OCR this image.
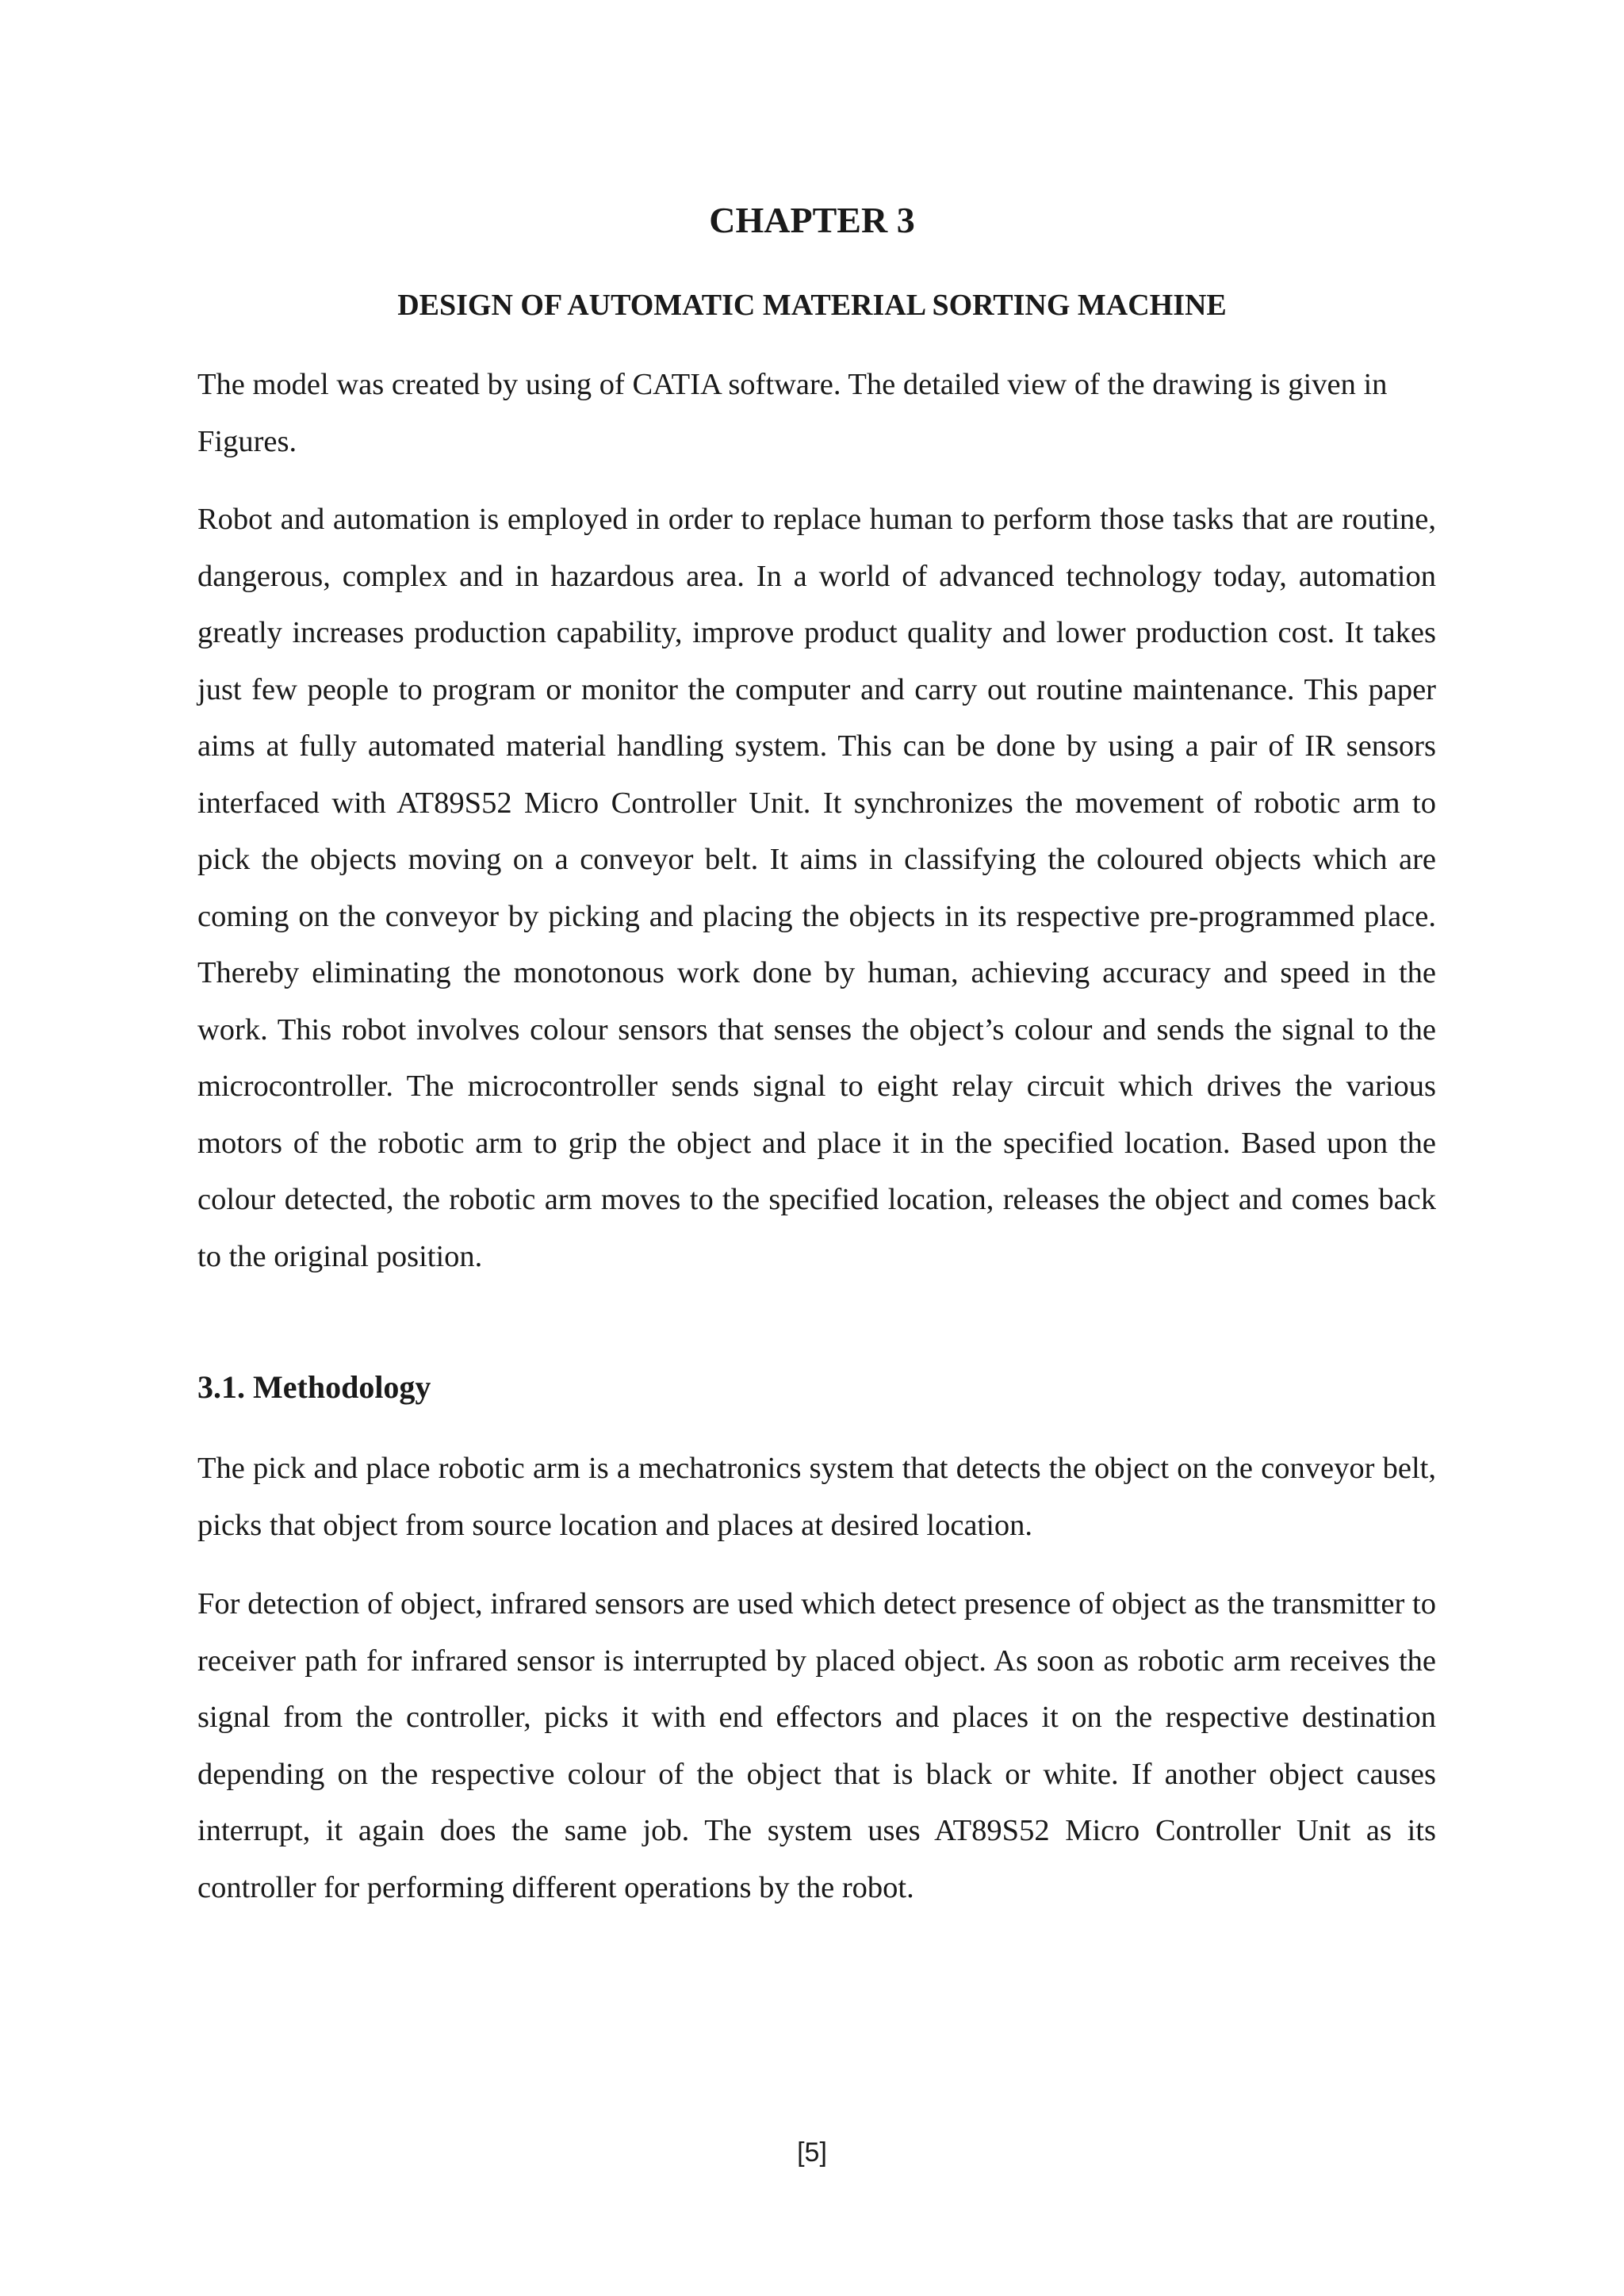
CHAPTER 3
DESIGN OF AUTOMATIC MATERIAL SORTING MACHINE

The model was created by using of CATIA software. The detailed view of the drawing is given in Figures.

Robot and automation is employed in order to replace human to perform those tasks that are routine, dangerous, complex and in hazardous area. In a world of advanced technology today, automation greatly increases production capability, improve product quality and lower production cost. It takes just few people to program or monitor the computer and carry out routine maintenance. This paper aims at fully automated material handling system. This can be done by using a pair of IR sensors interfaced with AT89S52 Micro Controller Unit. It synchronizes the movement of robotic arm to pick the objects moving on a conveyor belt. It aims in classifying the coloured objects which are coming on the conveyor by picking and placing the objects in its respective pre-programmed place. Thereby eliminating the monotonous work done by human, achieving accuracy and speed in the work. This robot involves colour sensors that senses the object’s colour and sends the signal to the microcontroller. The microcontroller sends signal to eight relay circuit which drives the various motors of the robotic arm to grip the object and place it in the specified location. Based upon the colour detected, the robotic arm moves to the specified location, releases the object and comes back to the original position.

3.1. Methodology

The pick and place robotic arm is a mechatronics system that detects the object on the conveyor belt, picks that object from source location and places at desired location.

For detection of object, infrared sensors are used which detect presence of object as the transmitter to receiver path for infrared sensor is interrupted by placed object. As soon as robotic arm receives the signal from the controller, picks it with end effectors and places it on the respective destination depending on the respective colour of the object that is black or white. If another object causes interrupt, it again does the same job. The system uses AT89S52 Micro Controller Unit as its controller for performing different operations by the robot.

[5]
